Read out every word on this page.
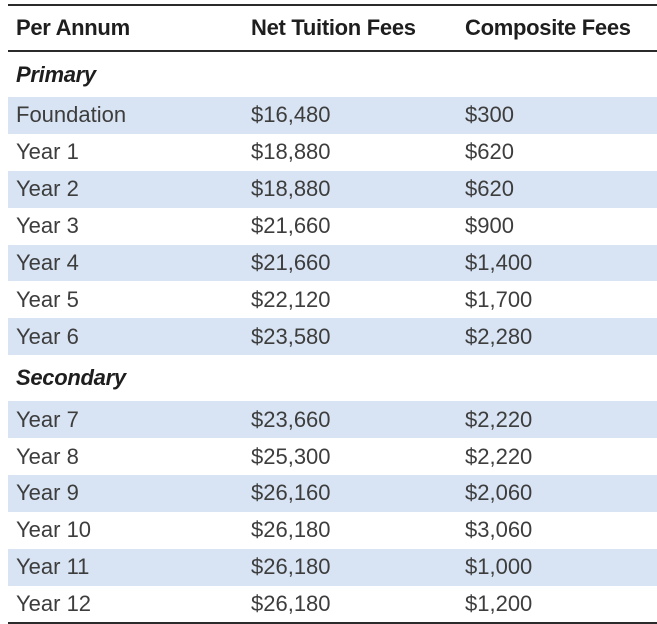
Per Annum	Net Tuition Fees	Composite Fees
Primary		
Foundation	$16,480	$300
Year 1	$18,880	$620
Year 2	$18,880	$620
Year 3	$21,660	$900
Year 4	$21,660	$1,400
Year 5	$22,120	$1,700
Year 6	$23,580	$2,280
Secondary		
Year 7	$23,660	$2,220
Year 8	$25,300	$2,220
Year 9	$26,160	$2,060
Year 10	$26,180	$3,060
Year 11	$26,180	$1,000
Year 12	$26,180	$1,200
